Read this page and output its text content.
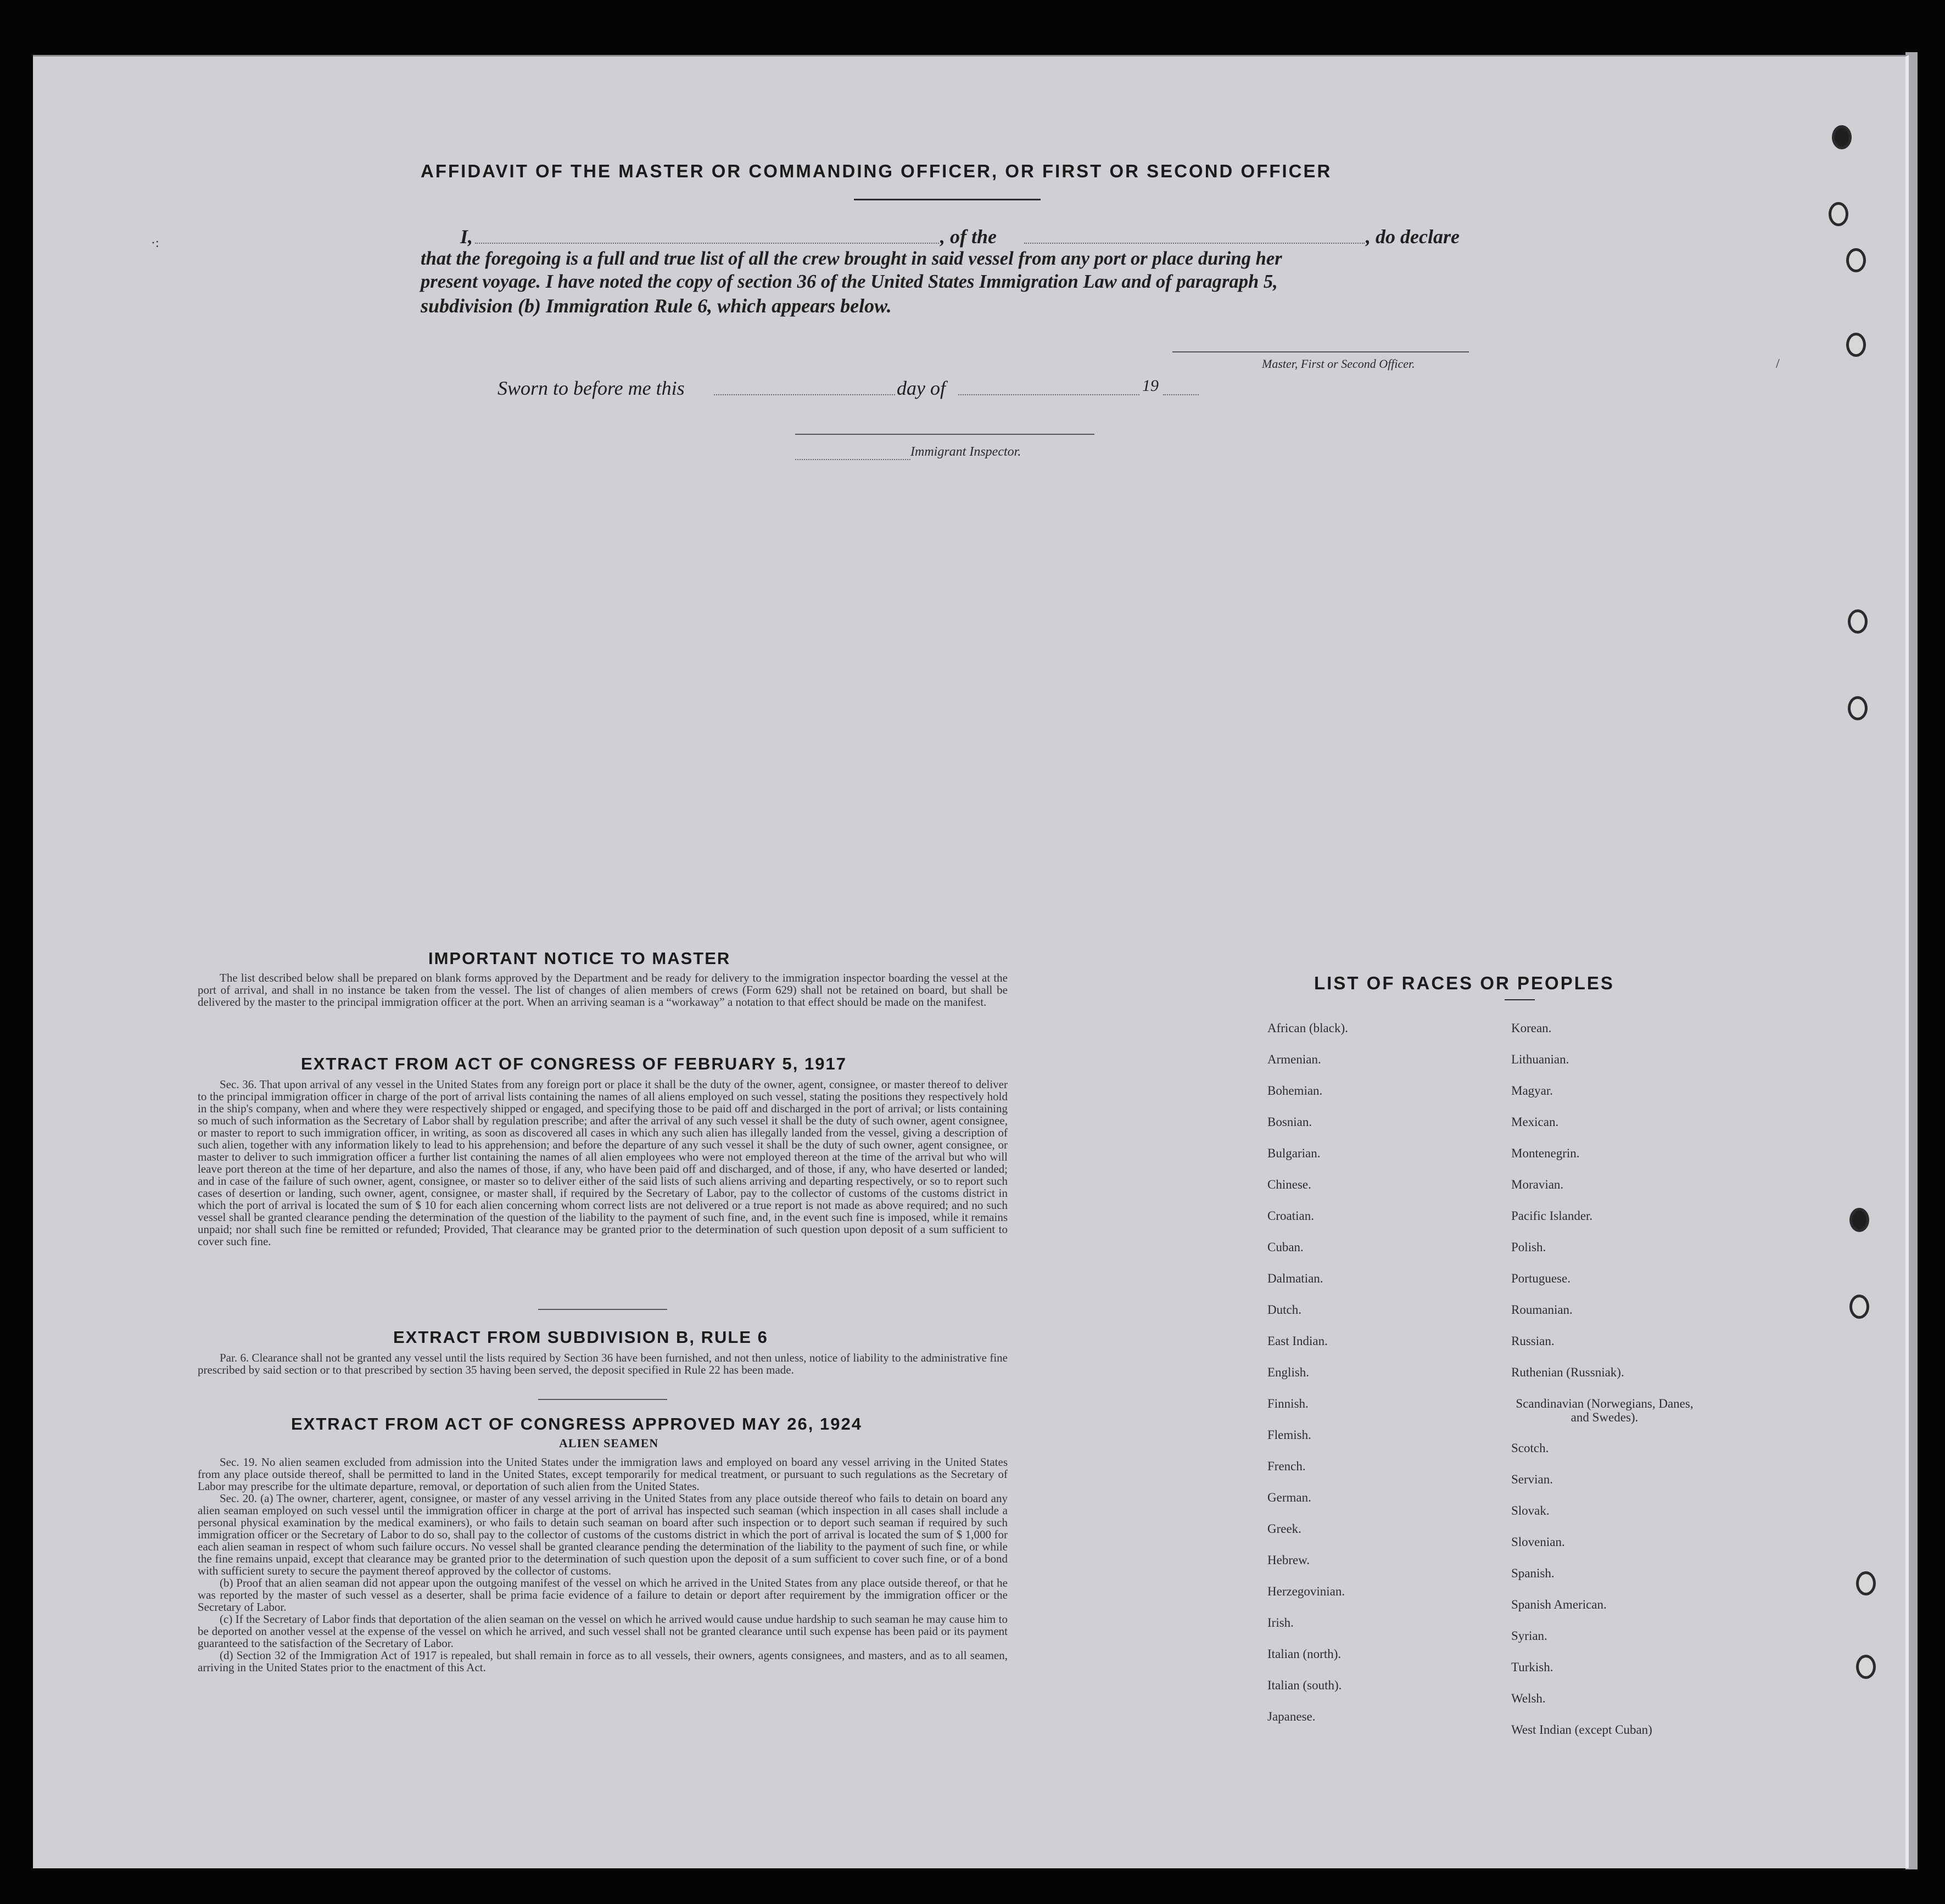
AFFIDAVIT OF THE MASTER OR COMMANDING OFFICER, OR FIRST OR SECOND OFFICER
I,	, of the	, do declare
that the foregoing is a full and true list of all the crew brought in said vessel from any port or place during her
present voyage. I have noted the copy of section 36 of the United States Immigration Law and of paragraph 5,
subdivision (b) Immigration Rule 6, which appears below.
Master, First or Second Officer.
Sworn to before me this	day of	19
Immigrant Inspector.
·:
/
IMPORTANT NOTICE TO MASTER

The list described below shall be prepared on blank forms approved by the Department and be ready for delivery to the immigration inspector boarding the vessel at the port of arrival, and shall in no instance be taken from the vessel. The list of changes of alien members of crews (Form 629) shall not be retained on board, but shall be delivered by the master to the principal immigration officer at the port. When an arriving seaman is a “workaway” a notation to that effect should be made on the manifest.

EXTRACT FROM ACT OF CONGRESS OF FEBRUARY 5, 1917

Sec. 36. That upon arrival of any vessel in the United States from any foreign port or place it shall be the duty of the owner, agent, consignee, or master thereof to deliver to the principal immigration officer in charge of the port of arrival lists containing the names of all aliens employed on such vessel, stating the positions they respectively hold in the ship's company, when and where they were respectively shipped or engaged, and specifying those to be paid off and discharged in the port of arrival; or lists containing so much of such information as the Secretary of Labor shall by regulation prescribe; and after the arrival of any such vessel it shall be the duty of such owner, agent consignee, or master to report to such immigration officer, in writing, as soon as discovered all cases in which any such alien has illegally landed from the vessel, giving a description of such alien, together with any information likely to lead to his apprehension; and before the departure of any such vessel it shall be the duty of such owner, agent consignee, or master to deliver to such immigration officer a further list containing the names of all alien employees who were not employed thereon at the time of the arrival but who will leave port thereon at the time of her departure, and also the names of those, if any, who have been paid off and discharged, and of those, if any, who have deserted or landed; and in case of the failure of such owner, agent, consignee, or master so to deliver either of the said lists of such aliens arriving and departing respectively, or so to report such cases of desertion or landing, such owner, agent, consignee, or master shall, if required by the Secretary of Labor, pay to the collector of customs of the customs district in which the port of arrival is located the sum of $ 10 for each alien concerning whom correct lists are not delivered or a true report is not made as above required; and no such vessel shall be granted clearance pending the determination of the question of the liability to the payment of such fine, and, in the event such fine is imposed, while it remains unpaid; nor shall such fine be remitted or refunded; Provided, That clearance may be granted prior to the determination of such question upon deposit of a sum sufficient to cover such fine.

EXTRACT FROM SUBDIVISION B, RULE 6

Par. 6. Clearance shall not be granted any vessel until the lists required by Section 36 have been furnished, and not then unless, notice of liability to the administrative fine prescribed by said section or to that prescribed by section 35 having been served, the deposit specified in Rule 22 has been made.

EXTRACT FROM ACT OF CONGRESS APPROVED MAY 26, 1924
ALIEN SEAMEN

Sec. 19. No alien seamen excluded from admission into the United States under the immigration laws and employed on board any vessel arriving in the United States from any place outside thereof, shall be permitted to land in the United States, except temporarily for medical treatment, or pursuant to such regulations as the Secretary of Labor may prescribe for the ultimate departure, removal, or deportation of such alien from the United States.

Sec. 20. (a) The owner, charterer, agent, consignee, or master of any vessel arriving in the United States from any place outside thereof who fails to detain on board any alien seaman employed on such vessel until the immigration officer in charge at the port of arrival has inspected such seaman (which inspection in all cases shall include a personal physical examination by the medical examiners), or who fails to detain such seaman on board after such inspection or to deport such seaman if required by such immigration officer or the Secretary of Labor to do so, shall pay to the collector of customs of the customs district in which the port of arrival is located the sum of $ 1,000 for each alien seaman in respect of whom such failure occurs. No vessel shall be granted clearance pending the determination of the liability to the payment of such fine, or while the fine remains unpaid, except that clearance may be granted prior to the determination of such question upon the deposit of a sum sufficient to cover such fine, or of a bond with sufficient surety to secure the payment thereof approved by the collector of customs.

(b) Proof that an alien seaman did not appear upon the outgoing manifest of the vessel on which he arrived in the United States from any place outside thereof, or that he was reported by the master of such vessel as a deserter, shall be prima facie evidence of a failure to detain or deport after requirement by the immigration officer or the Secretary of Labor.

(c) If the Secretary of Labor finds that deportation of the alien seaman on the vessel on which he arrived would cause undue hardship to such seaman he may cause him to be deported on another vessel at the expense of the vessel on which he arrived, and such vessel shall not be granted clearance until such expense has been paid or its payment guaranteed to the satisfaction of the Secretary of Labor.

(d) Section 32 of the Immigration Act of 1917 is repealed, but shall remain in force as to all vessels, their owners, agents consignees, and masters, and as to all seamen, arriving in the United States prior to the enactment of this Act.

LIST OF RACES OR PEOPLES
African (black).
Armenian.
Bohemian.
Bosnian.
Bulgarian.
Chinese.
Croatian.
Cuban.
Dalmatian.
Dutch.
East Indian.
English.
Finnish.
Flemish.
French.
German.
Greek.
Hebrew.
Herzegovinian.
Irish.
Italian (north).
Italian (south).
Japanese.
Korean.
Lithuanian.
Magyar.
Mexican.
Montenegrin.
Moravian.
Pacific Islander.
Polish.
Portuguese.
Roumanian.
Russian.
Ruthenian (Russniak).
Scandinavian (Norwegians, Danes, and Swedes).
Scotch.
Servian.
Slovak.
Slovenian.
Spanish.
Spanish American.
Syrian.
Turkish.
Welsh.
West Indian (except Cuban)
